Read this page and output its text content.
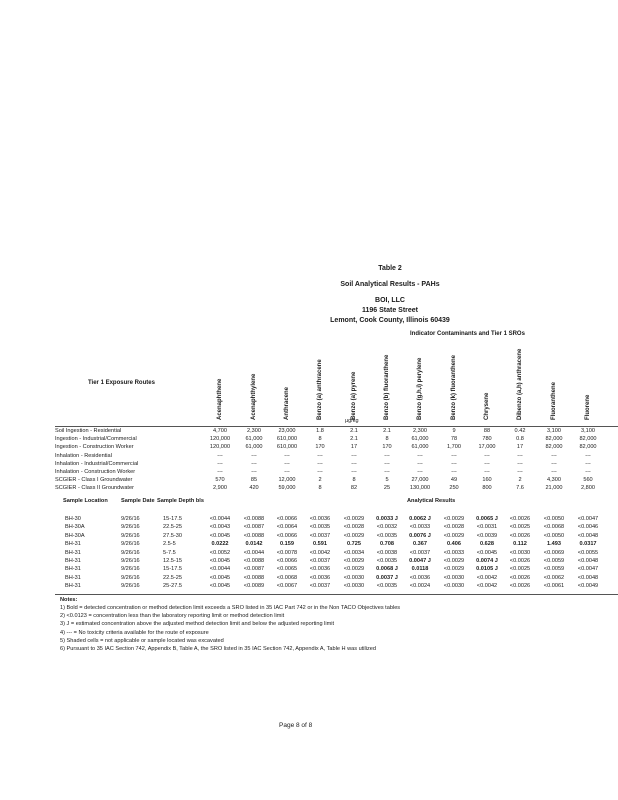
Table 2
Soil Analytical Results - PAHs
BOI, LLC
1196 State Street
Lemont, Cook County, Illinois 60439
Indicator Contaminants and Tier 1 SROs
Tier 1 Exposure Routes
µg/kg
Acenaphthene	Acenaphthylene	Anthracene	Benzo (a) anthracene	Benzo (a) pyrene	Benzo (b) fluoranthene	Benzo (g,h,i) perylene	Benzo (k) fluoranthene	Chrysene	Dibenzo (a,h) anthracene	Fluoranthene	Fluorene
Soil Ingestion - Residential	4,700	2,300	23,000	1.8	2.1	2.1	2,300	9	88	0.42	3,100	3,100
Ingestion - Industrial/Commercial	120,000	61,000	610,000	8	2.1	8	61,000	78	780	0.8	82,000	82,000
Ingestion - Construction Worker	120,000	61,000	610,000	170	17	170	61,000	1,700	17,000	17	82,000	82,000
Inhalation - Residential	---	---	---	---	---	---	---	---	---	---	---	---
Inhalation - Industrial/Commercial	---	---	---	---	---	---	---	---	---	---	---	---
Inhalation - Construction Worker	---	---	---	---	---	---	---	---	---	---	---	---
SCGIER - Class I Groundwater	570	85	12,000	2	8	5	27,000	49	160	2	4,300	560
SCGIER - Class II Groundwater	2,900	420	59,000	8	82	25	130,000	250	800	7.6	21,000	2,800
Sample Location Sample Date Sample Depth bls	Analytical Results
BH-30	9/26/16	15-17.5	<0.0044	<0.0088	<0.0066	<0.0036	<0.0029	0.0033 J	0.0062 J	<0.0029	0.0065 J	<0.0026	<0.0050	<0.0047
BH-30A	9/26/16	22.5-25	<0.0043	<0.0087	<0.0064	<0.0035	<0.0028	<0.0032	<0.0033	<0.0028	<0.0031	<0.0025	<0.0068	<0.0046
BH-30A	9/26/16	27.5-30	<0.0045	<0.0088	<0.0066	<0.0037	<0.0029	<0.0035	0.0076 J	<0.0029	<0.0039	<0.0026	<0.0050	<0.0048
BH-31	9/26/16	2.5-5	0.0222	0.0142	0.159	0.591	0.725	0.708	0.367	0.406	0.628	0.112	1.493	0.0317
BH-31	9/26/16	5-7.5	<0.0052	<0.0044	<0.0078	<0.0042	<0.0034	<0.0038	<0.0037	<0.0033	<0.0045	<0.0030	<0.0069	<0.0055
BH-31	9/26/16	12.5-15	<0.0045	<0.0088	<0.0066	<0.0037	<0.0029	<0.0035	0.0047 J	<0.0029	0.0074 J	<0.0026	<0.0059	<0.0048
BH-31	9/26/16	15-17.5	<0.0044	<0.0087	<0.0065	<0.0036	<0.0029	0.0068 J	0.0118	<0.0029	0.0105 J	<0.0025	<0.0059	<0.0047
BH-31	9/26/16	22.5-25	<0.0045	<0.0088	<0.0068	<0.0036	<0.0030	0.0037 J	<0.0036	<0.0030	<0.0042	<0.0026	<0.0062	<0.0048
BH-31	9/26/16	25-27.5	<0.0045	<0.0089	<0.0067	<0.0037	<0.0030	<0.0035	<0.0024	<0.0030	<0.0042	<0.0026	<0.0061	<0.0049
Notes:
1) Bold = detected concentration or method detection limit exceeds a SRO listed in 35 IAC Part 742 or in the Non TACO Objectives tables
2) <0.0123 = concentration less than the laboratory reporting limit or method detection limit
3) J = estimated concentration above the adjusted method detection limit and below the adjusted reporting limit
4) --- = No toxicity criteria available for the route of exposure
5) Shaded cells = not applicable or sample located was excavated
6) Pursuant to 35 IAC Section 742, Appendix B, Table A, the SRO listed in 35 IAC Section 742, Appendix A, Table H was utilized
Page 8 of 8
